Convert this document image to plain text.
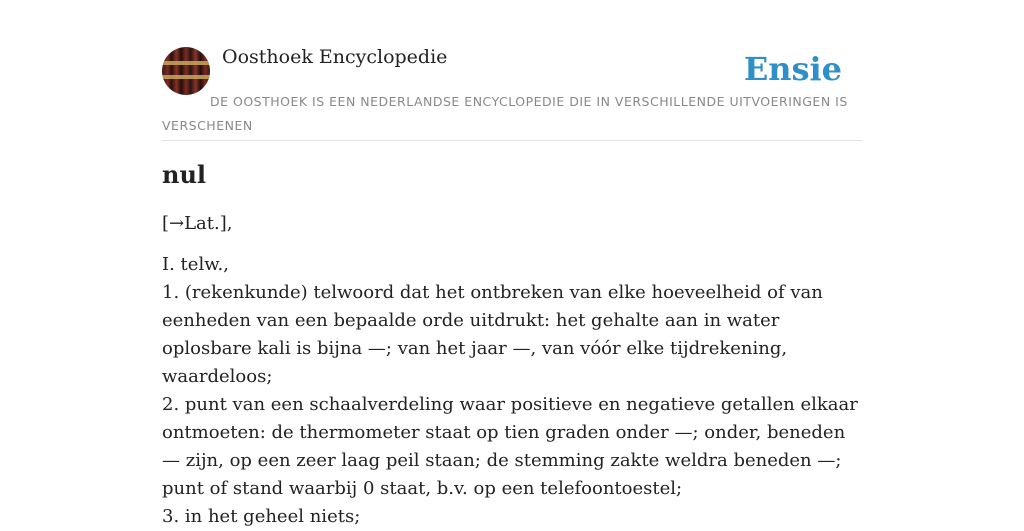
Oosthoek Encyclopedie	Ensie
DE OOSTHOEK IS EEN NEDERLANDSE ENCYCLOPEDIE DIE IN VERSCHILLENDE UITVOERINGEN IS VERSCHENEN
nul

[→Lat.],

I. telw.,
1. (rekenkunde) telwoord dat het ontbreken van elke hoeveelheid of van eenheden van een bepaalde orde uitdrukt: het gehalte aan in water oplosbare kali is bijna —; van het jaar —, van vóór elke tijdrekening, waardeloos;
2. punt van een schaalverdeling waar positieve en negatieve getallen elkaar ontmoeten: de thermometer staat op tien graden onder —; onder, beneden — zijn, op een zeer laag peil staan; de stemming zakte weldra beneden —; punt of stand waarbij 0 staat, b.v. op een telefoontoestel;
3. in het geheel niets;
